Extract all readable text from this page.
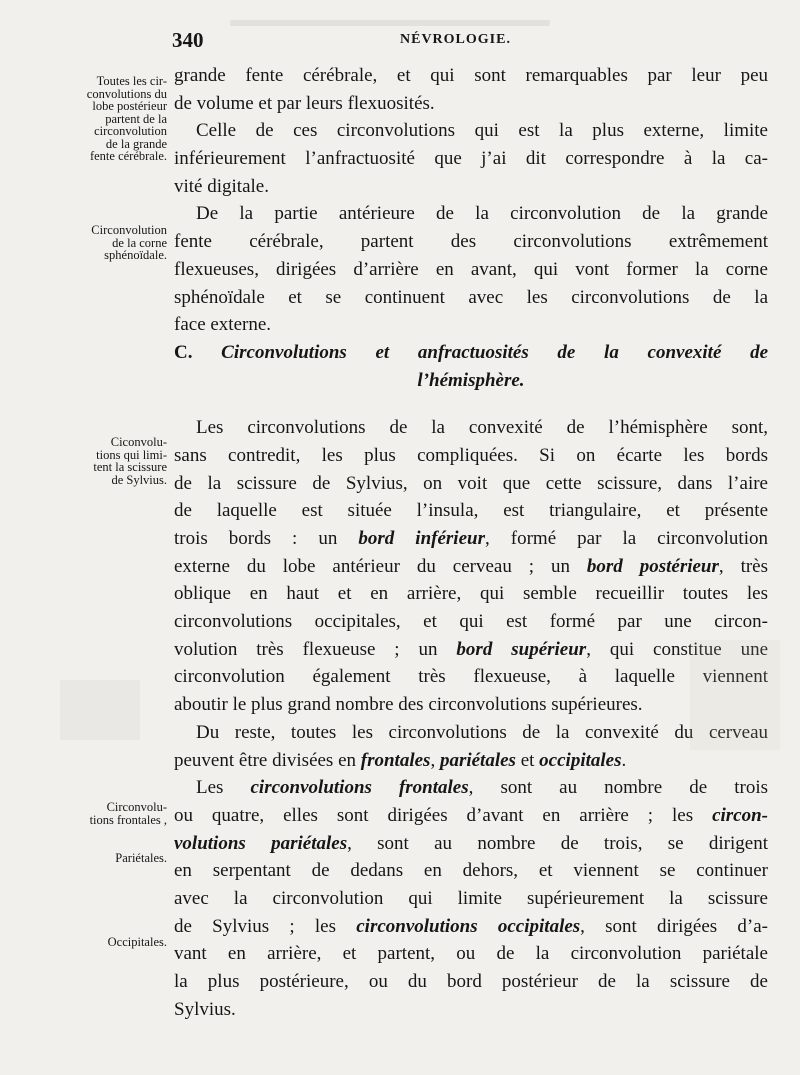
340	NÉVROLOGIE.
Toutes les cir-
convolutions du
lobe postérieur
partent de la
circonvolution
de la grande
fente cérébrale.
Circonvolution
de la corne
sphénoïdale.
Ciconvolu-
tions qui limi-
tent la scissure
de Sylvius.
Circonvolu-
tions frontales ,
Pariétales.
Occipitales.

grande fente cérébrale, et qui sont remarquables par leur peu
de volume et par leurs flexuosités.

Celle de ces circonvolutions qui est la plus externe, limite
inférieurement l’anfractuosité que j’ai dit correspondre à la ca-
vité digitale.

De la partie antérieure de la circonvolution de la grande
fente cérébrale, partent des circonvolutions extrêmement
flexueuses, dirigées d’arrière en avant, qui vont former la corne
sphénoïdale et se continuent avec les circonvolutions de la
face externe.

C. Circonvolutions et anfractuosités de la convexité de
l’hémisphère.

Les circonvolutions de la convexité de l’hémisphère sont,
sans contredit, les plus compliquées. Si on écarte les bords
de la scissure de Sylvius, on voit que cette scissure, dans l’aire
de laquelle est située l’insula, est triangulaire, et présente
trois bords : un bord inférieur, formé par la circonvolution
externe du lobe antérieur du cerveau ; un bord postérieur, très
oblique en haut et en arrière, qui semble recueillir toutes les
circonvolutions occipitales, et qui est formé par une circon-
volution très flexueuse ; un bord supérieur, qui constitue une
circonvolution également très flexueuse, à laquelle viennent
aboutir le plus grand nombre des circonvolutions supérieures.

Du reste, toutes les circonvolutions de la convexité du cerveau
peuvent être divisées en frontales, pariétales et occipitales.

Les circonvolutions frontales, sont au nombre de trois
ou quatre, elles sont dirigées d’avant en arrière ; les circon-
volutions pariétales, sont au nombre de trois, se dirigent
en serpentant de dedans en dehors, et viennent se continuer
avec la circonvolution qui limite supérieurement la scissure
de Sylvius ; les circonvolutions occipitales, sont dirigées d’a-
vant en arrière, et partent, ou de la circonvolution pariétale
la plus postérieure, ou du bord postérieur de la scissure de
Sylvius.
